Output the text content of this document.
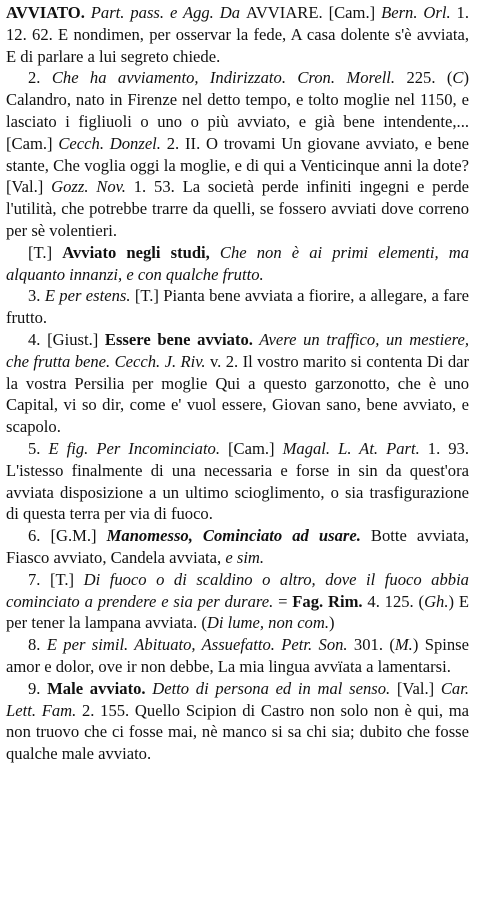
AVVIATO. Part. pass. e Agg. Da AVVIARE. [Cam.] Bern. Orl. 1. 12. 62. E nondimen, per osservar la fede, A casa dolente s'è avviata, E di parlare a lui segreto chiede.

2. Che ha avviamento, Indirizzato. Cron. Morell. 225. (C) Calandro, nato in Firenze nel detto tempo, e tolto moglie nel 1150, e lasciato i figliuoli o uno o più avviato, e già bene intendente,... [Cam.] Cecch. Donzel. 2. II. O trovami Un giovane avviato, e bene stante, Che voglia oggi la moglie, e di qui a Venticinque anni la dote? [Val.] Gozz. Nov. 1. 53. La società perde infiniti ingegni e perde l'utilità, che potrebbe trarre da quelli, se fossero avviati dove correno per sè volentieri.

[T.] Avviato negli studi, Che non è ai primi elementi, ma alquanto innanzi, e con qualche frutto.

3. E per estens. [T.] Pianta bene avviata a fiorire, a allegare, a fare frutto.

4. [Giust.] Essere bene avviato. Avere un traffico, un mestiere, che frutta bene. Cecch. J. Riv. v. 2. Il vostro marito si contenta Di dar la vostra Persilia per moglie Qui a questo garzonotto, che è uno Capital, vi so dir, come e' vuol essere, Giovan sano, bene avviato, e scapolo.

5. E fig. Per Incominciato. [Cam.] Magal. L. At. Part. 1. 93. L'istesso finalmente di una necessaria e forse in sin da quest'ora avviata disposizione a un ultimo scioglimento, o sia trasfigurazione di questa terra per via di fuoco.

6. [G.M.] Manomesso, Cominciato ad usare. Botte avviata, Fiasco avviato, Candela avviata, e sim.

7. [T.] Di fuoco o di scaldino o altro, dove il fuoco abbia cominciato a prendere e sia per durare. = Fag. Rim. 4. 125. (Gh.) E per tener la lampana avviata. (Di lume, non com.)

8. E per simil. Abituato, Assuefatto. Petr. Son. 301. (M.) Spinse amor e dolor, ove ir non debbe, La mia lingua avvïata a lamentarsi.

9. Male avviato. Detto di persona ed in mal senso. [Val.] Car. Lett. Fam. 2. 155. Quello Scipion di Castro non solo non è qui, ma non truovo che ci fosse mai, nè manco si sa chi sia; dubito che fosse qualche male avviato.
